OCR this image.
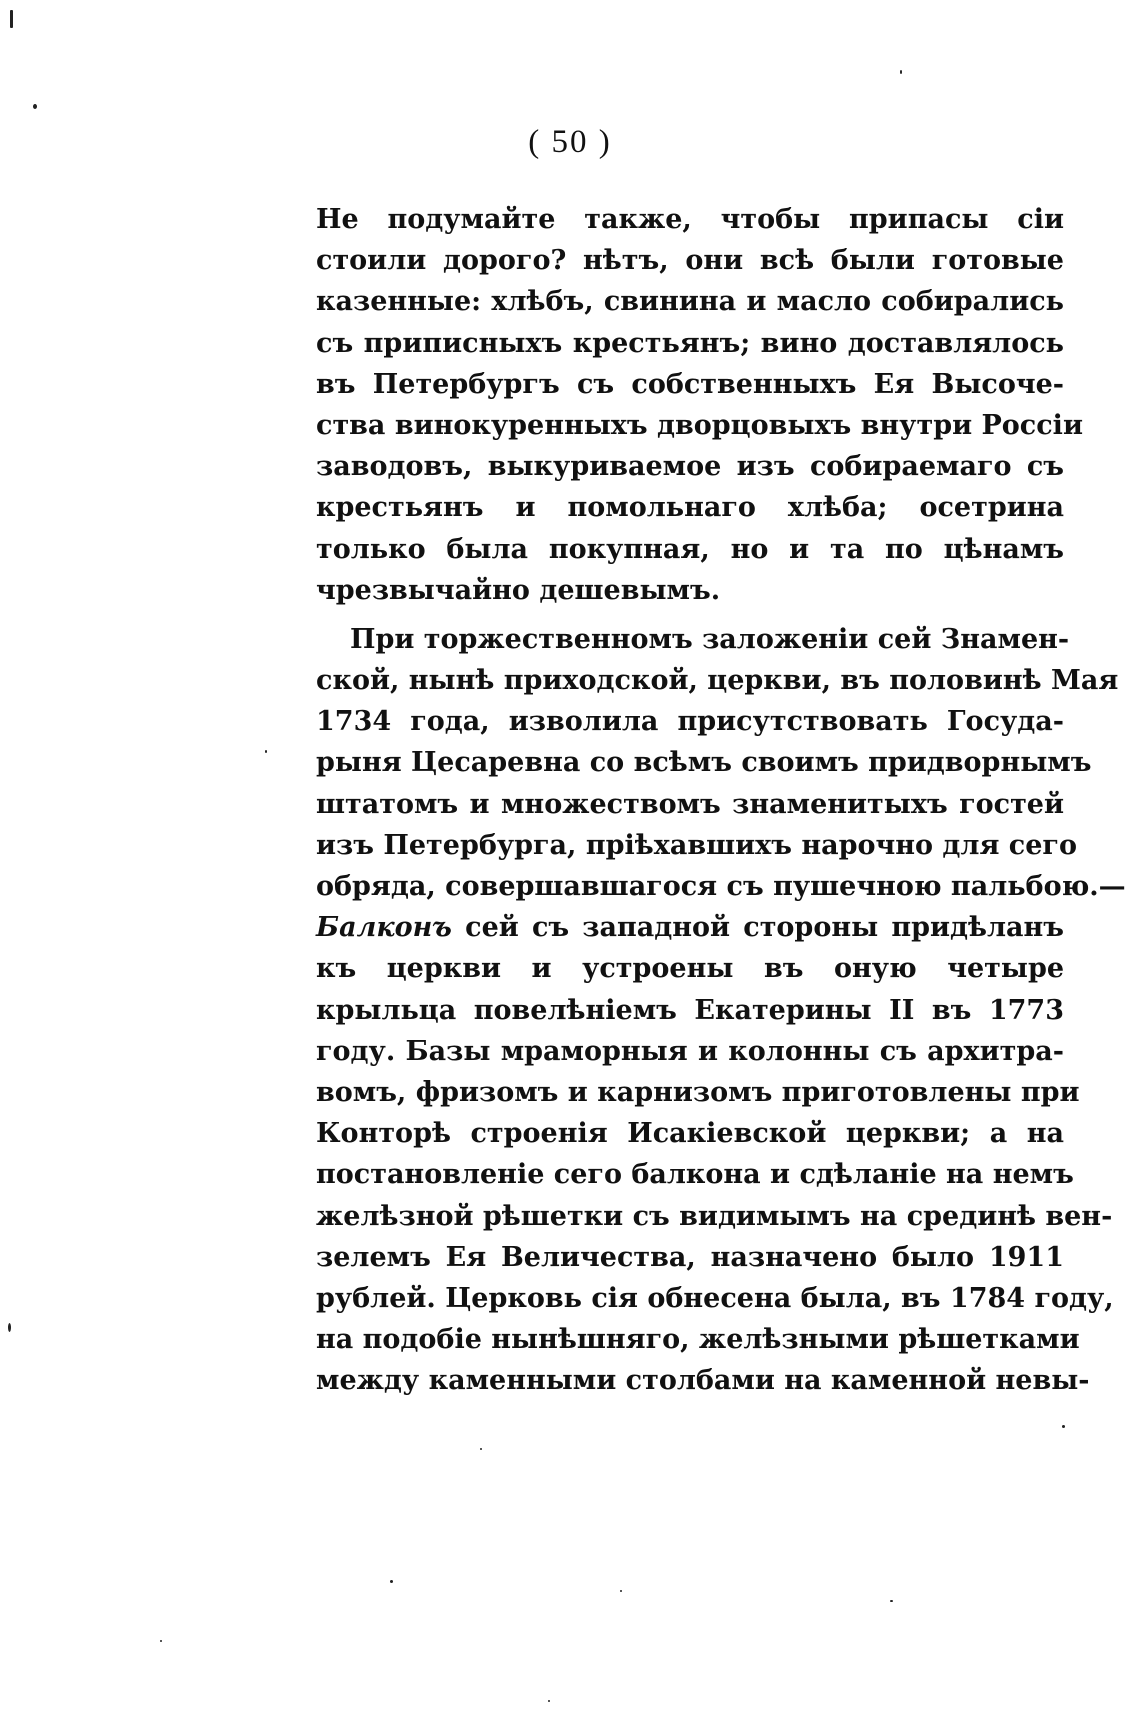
( 50 )
Не подумайте также, чтобы припасы сіи
стоили дорого? нѣтъ, они всѣ были готовые
казенные: хлѣбъ, свинина и масло собирались
съ приписныхъ крестьянъ; вино доставлялось
въ Петербургъ съ собственныхъ Ея Высоче-
ства винокуренныхъ дворцовыхъ внутри Россіи
заводовъ, выкуриваемое изъ собираемаго съ
крестьянъ и помольнаго хлѣба; осетрина
только была покупная, но и та по цѣнамъ
чрезвычайно дешевымъ.
При торжественномъ заложеніи сей Знамен-
ской, нынѣ приходской, церкви, въ половинѣ Мая
1734 года, изволила присутствовать Госуда-
рыня Цесаревна со всѣмъ своимъ придворнымъ
штатомъ и множествомъ знаменитыхъ гостей
изъ Петербурга, пріѣхавшихъ нарочно для сего
обряда, совершавшагося съ пушечною пальбою.—
Балконъ сей съ западной стороны придѣланъ
къ церкви и устроены въ оную четыре
крыльца повелѣніемъ Екатерины II въ 1773
году. Базы мраморныя и колонны съ архитра-
вомъ, фризомъ и карнизомъ приготовлены при
Конторѣ строенія Исакіевской церкви; а на
постановленіе сего балкона и сдѣланіе на немъ
желѣзной рѣшетки съ видимымъ на срединѣ вен-
зелемъ Ея Величества, назначено было 1911
рублей. Церковь сія обнесена была, въ 1784 году,
на подобіе нынѣшняго, желѣзными рѣшетками
между каменными столбами на каменной невы-
